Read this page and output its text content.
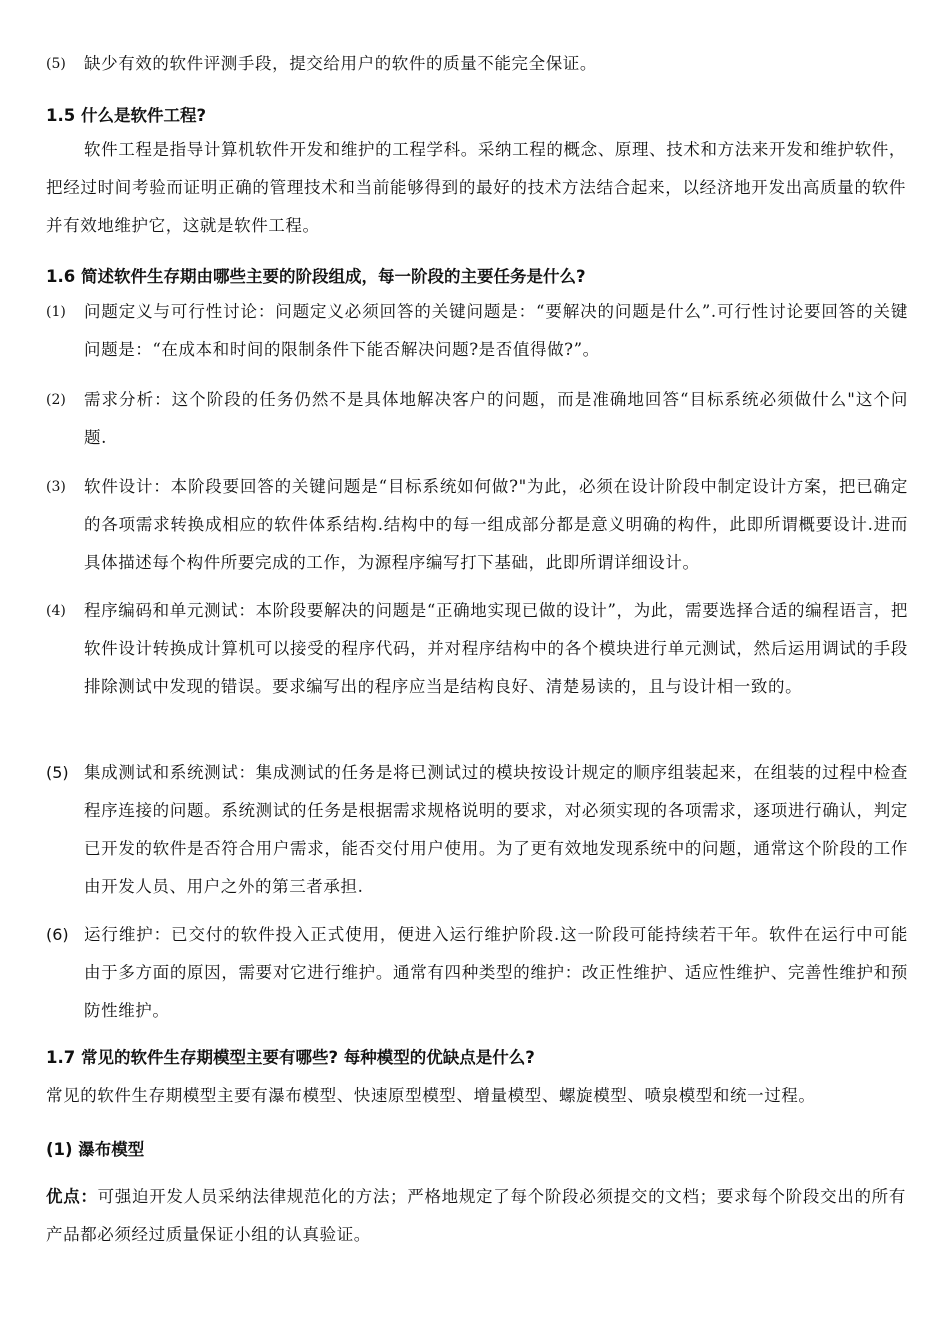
(5)	缺少有效的软件评测手段，提交给用户的软件的质量不能完全保证。

1.5 什么是软件工程?

软件工程是指导计算机软件开发和维护的工程学科。采纳工程的概念、原理、技术和方法来开发和维护软件，把经过时间考验而证明正确的管理技术和当前能够得到的最好的技术方法结合起来，以经济地开发出高质量的软件并有效地维护它，这就是软件工程。

1.6 简述软件生存期由哪些主要的阶段组成，每一阶段的主要任务是什么?

(1)	问题定义与可行性讨论：问题定义必须回答的关键问题是：“要解决的问题是什么”.可行性讨论要回答的关键问题是：“在成本和时间的限制条件下能否解决问题?是否值得做?”。
(2)	需求分析：这个阶段的任务仍然不是具体地解决客户的问题，而是准确地回答“目标系统必须做什么"这个问题.
(3)	软件设计：本阶段要回答的关键问题是“目标系统如何做?"为此，必须在设计阶段中制定设计方案，把已确定的各项需求转换成相应的软件体系结构.结构中的每一组成部分都是意义明确的构件，此即所谓概要设计.进而具体描述每个构件所要完成的工作，为源程序编写打下基础，此即所谓详细设计。
(4)	程序编码和单元测试：本阶段要解决的问题是“正确地实现已做的设计”，为此，需要选择合适的编程语言，把软件设计转换成计算机可以接受的程序代码，并对程序结构中的各个模块进行单元测试，然后运用调试的手段排除测试中发现的错误。要求编写出的程序应当是结构良好、清楚易读的，且与设计相一致的。
(5) 集成测试和系统测试：集成测试的任务是将已测试过的模块按设计规定的顺序组装起来，在组装的过程中检查程序连接的问题。系统测试的任务是根据需求规格说明的要求，对必须实现的各项需求，逐项进行确认，判定已开发的软件是否符合用户需求，能否交付用户使用。为了更有效地发现系统中的问题，通常这个阶段的工作由开发人员、用户之外的第三者承担.
(6) 运行维护：已交付的软件投入正式使用，便进入运行维护阶段.这一阶段可能持续若干年。软件在运行中可能由于多方面的原因，需要对它进行维护。通常有四种类型的维护：改正性维护、适应性维护、完善性维护和预防性维护。

1.7 常见的软件生存期模型主要有哪些? 每种模型的优缺点是什么?

常见的软件生存期模型主要有瀑布模型、快速原型模型、增量模型、螺旋模型、喷泉模型和统一过程。

(1) 瀑布模型

优点：可强迫开发人员采纳法律规范化的方法；严格地规定了每个阶段必须提交的文档；要求每个阶段交出的所有产品都必须经过质量保证小组的认真验证。
